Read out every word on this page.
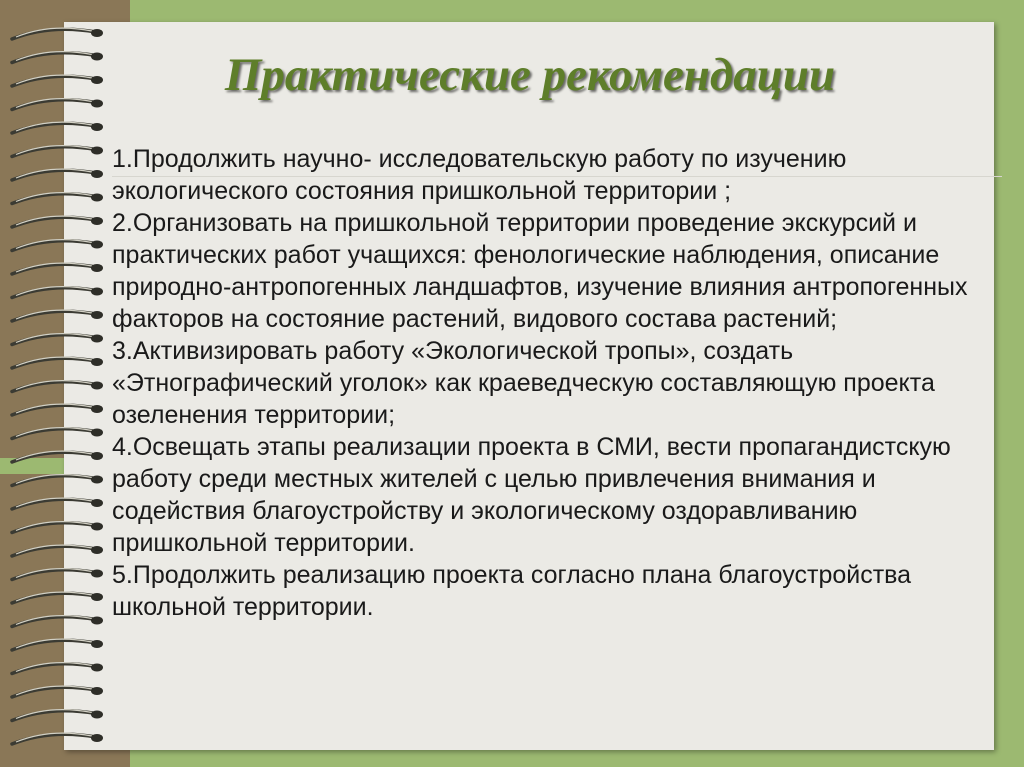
Практические рекомендации
1.Продолжить научно- исследовательскую работу по изучению экологического состояния пришкольной территории ;
2.Организовать на пришкольной территории проведение экскурсий и практических работ учащихся: фенологические наблюдения, описание природно-антропогенных ландшафтов, изучение влияния антропогенных факторов на состояние растений, видового состава растений;
3.Активизировать работу «Экологической тропы», создать «Этнографический уголок» как краеведческую составляющую проекта озеленения территории;
4.Освещать этапы реализации проекта в СМИ, вести пропагандистскую работу среди местных жителей с целью привлечения внимания и содействия благоустройству и экологическому оздоравливанию пришкольной территории.
5.Продолжить реализацию проекта согласно плана благоустройства школьной территории.
